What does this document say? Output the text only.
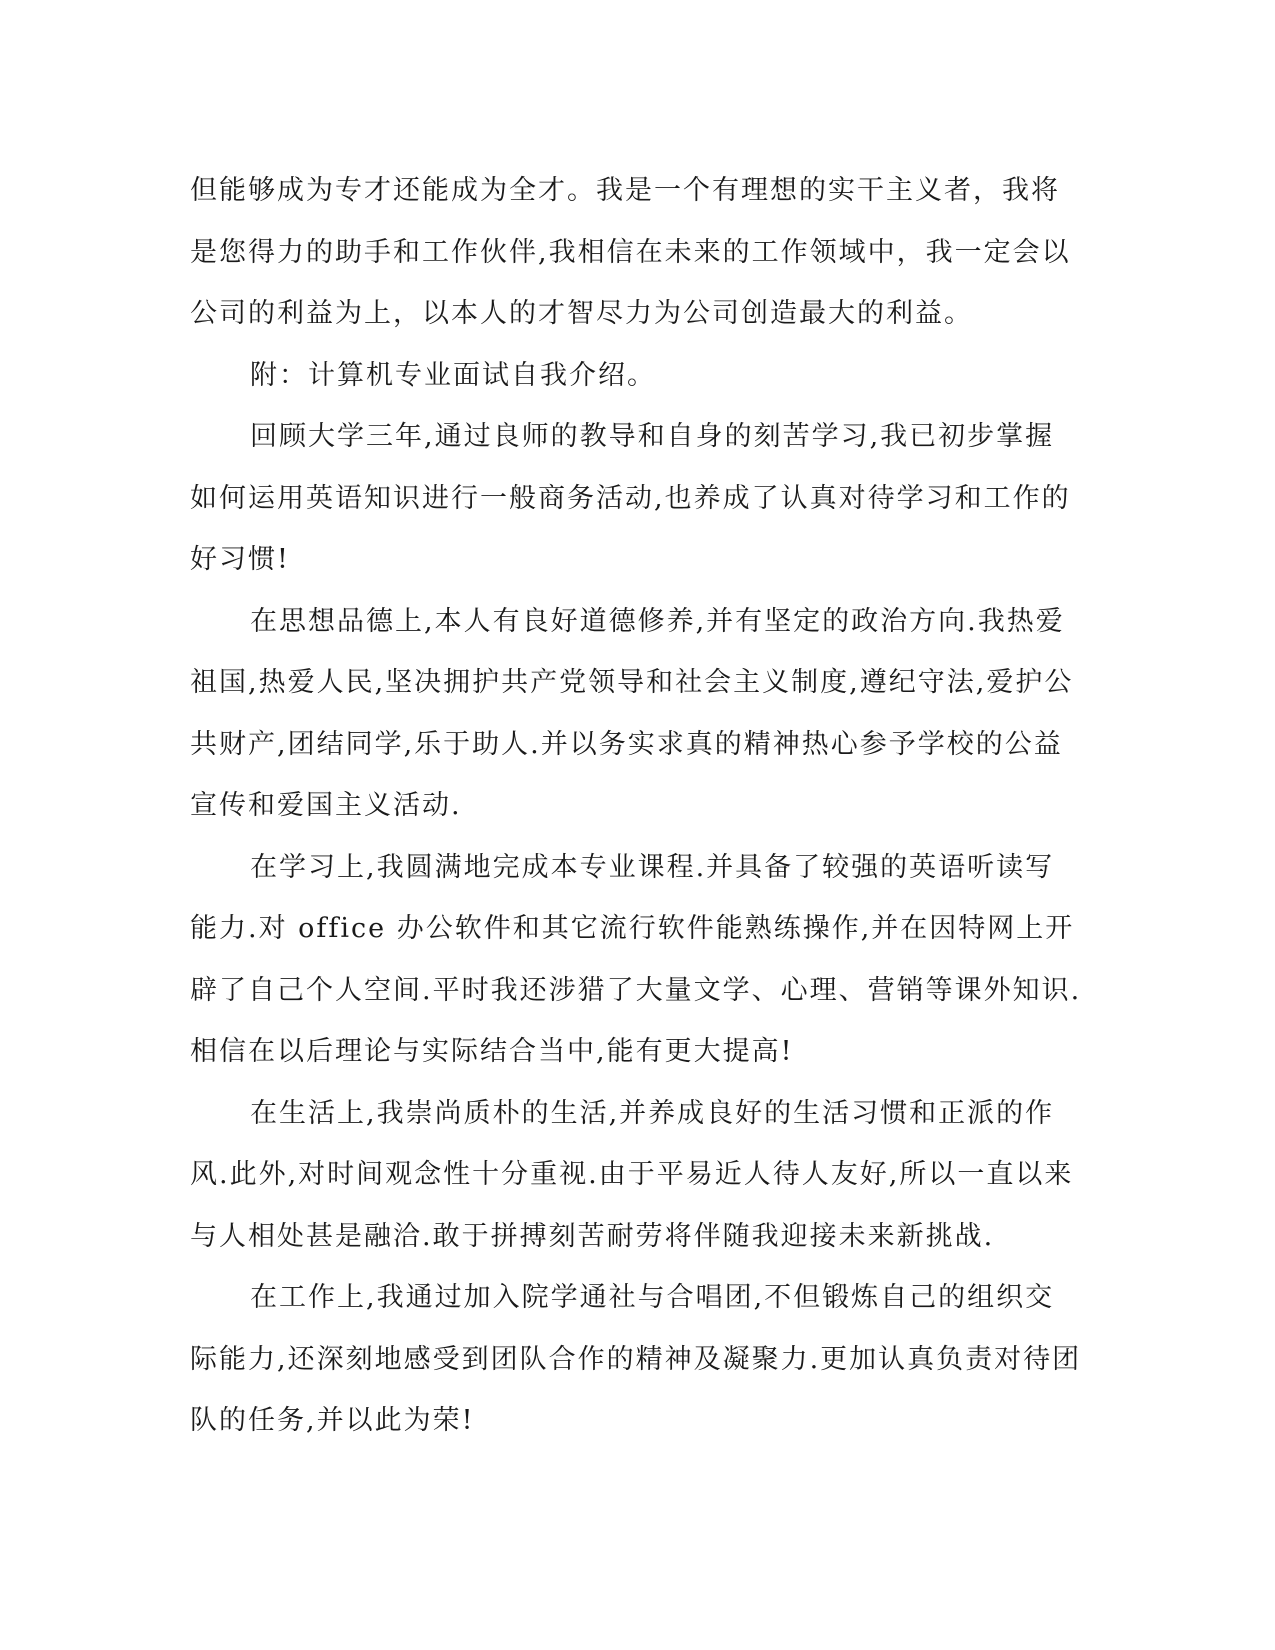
但能够成为专才还能成为全才。我是一个有理想的实干主义者，我将是您得力的助手和工作伙伴,我相信在未来的工作领域中，我一定会以公司的利益为上，以本人的才智尽力为公司创造最大的利益。

附：计算机专业面试自我介绍。

回顾大学三年,通过良师的教导和自身的刻苦学习,我已初步掌握如何运用英语知识进行一般商务活动,也养成了认真对待学习和工作的好习惯!

在思想品德上,本人有良好道德修养,并有坚定的政治方向.我热爱祖国,热爱人民,坚决拥护共产党领导和社会主义制度,遵纪守法,爱护公共财产,团结同学,乐于助人.并以务实求真的精神热心参予学校的公益宣传和爱国主义活动.

在学习上,我圆满地完成本专业课程.并具备了较强的英语听读写能力.对 office 办公软件和其它流行软件能熟练操作,并在因特网上开辟了自己个人空间.平时我还涉猎了大量文学、心理、营销等课外知识.相信在以后理论与实际结合当中,能有更大提高!

在生活上,我崇尚质朴的生活,并养成良好的生活习惯和正派的作风.此外,对时间观念性十分重视.由于平易近人待人友好,所以一直以来与人相处甚是融洽.敢于拼搏刻苦耐劳将伴随我迎接未来新挑战.

在工作上,我通过加入院学通社与合唱团,不但锻炼自己的组织交际能力,还深刻地感受到团队合作的精神及凝聚力.更加认真负责对待团队的任务,并以此为荣!
